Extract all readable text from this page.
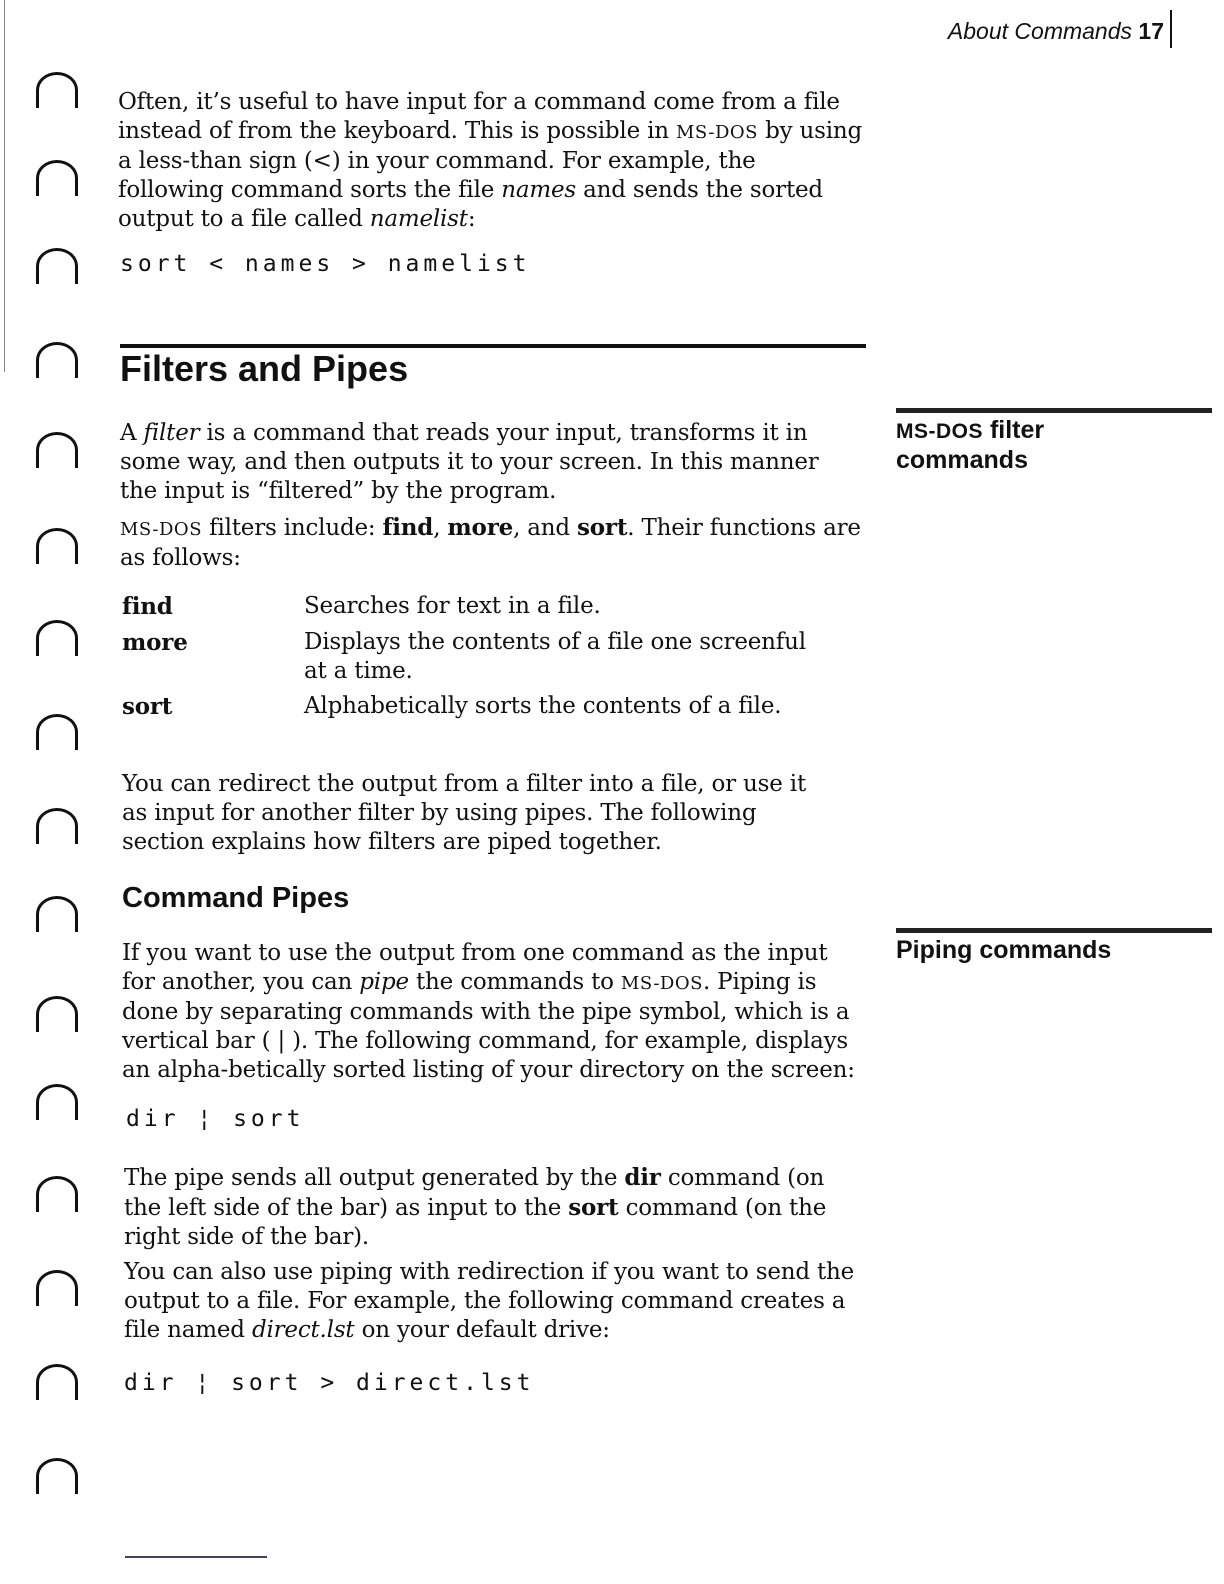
About Commands 17

Often, it’s useful to have input for a command come from a file instead of from the keyboard. This is possible in MS-DOS by using a less-than sign (<) in your command. For example, the following command sorts the file names and sends the sorted output to a file called namelist:

sort < names > namelist
Filters and Pipes
MS-DOS filter
commands

A filter is a command that reads your input, transforms it in some way, and then outputs it to your screen. In this manner the input is “filtered” by the program.

MS-DOS filters include: find, more, and sort. Their functions are as follows:

find	Searches for text in a file.
more	Displays the contents of a file one screenful at a time.
sort	Alphabetically sorts the contents of a file.

You can redirect the output from a filter into a file, or use it as input for another filter by using pipes. The following section explains how filters are piped together.

Command Pipes
Piping commands

If you want to use the output from one command as the input for another, you can pipe the commands to MS-DOS. Piping is done by separating commands with the pipe symbol, which is a vertical bar ( | ). The following command, for example, displays an alpha-betically sorted listing of your directory on the screen:

dir ¦ sort

The pipe sends all output generated by the dir command (on the left side of the bar) as input to the sort command (on the right side of the bar).

You can also use piping with redirection if you want to send the output to a file. For example, the following command creates a file named direct.lst on your default drive:

dir ¦ sort > direct.lst
